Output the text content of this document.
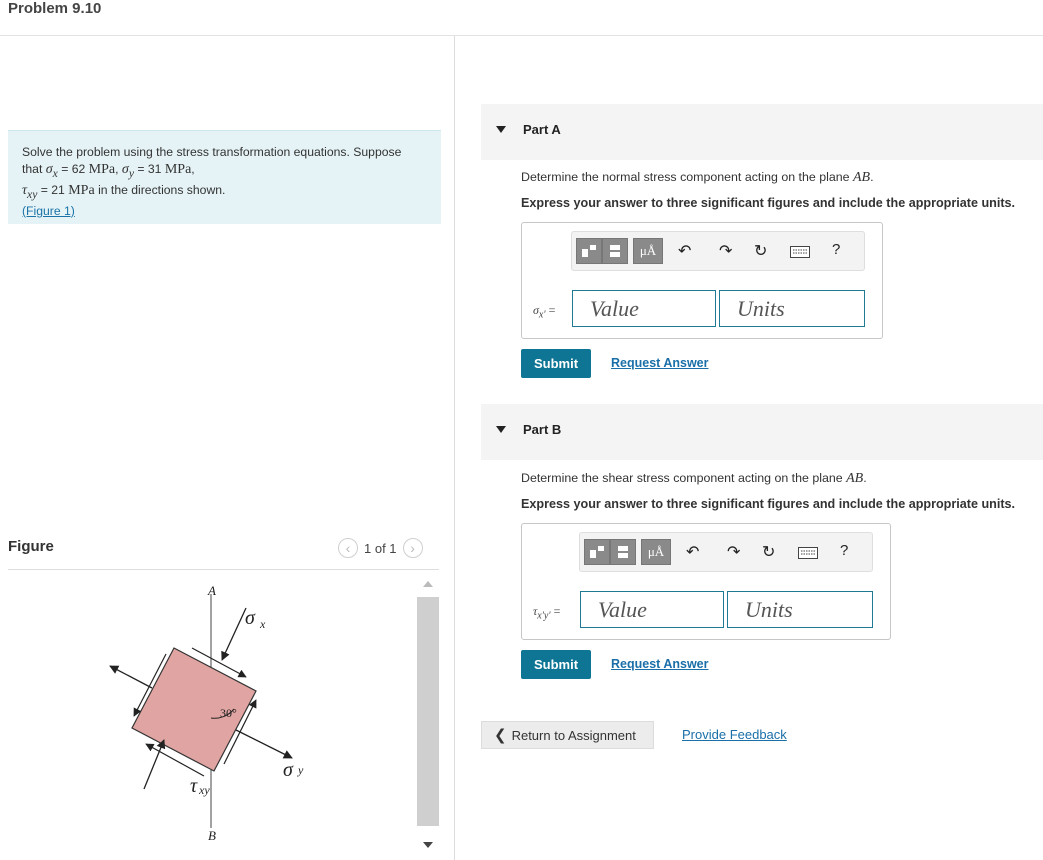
Problem 9.10
Solve the problem using the stress transformation equations. Suppose
that $\sigma_x = 62$ MPa, $\sigma_y = 31$ MPa,
$\tau_{xy} = 21$ MPa in the directions shown.
(Figure 1)
Figure	‹	1 of 1 ›
A
B
σ x
σ y
τ xy
30°
Part A
Determine the normal stress component acting on the plane AB.
Express your answer to three significant figures and include the appropriate units.
μÅ	↶ ↷ ↻	?
$\sigma_{x'}$ =	Value	Units
Submit	Request Answer
Part B
Determine the shear stress component acting on the plane AB.
Express your answer to three significant figures and include the appropriate units.
μÅ	↶ ↷ ↻	?
$\tau_{x'y'}$ =	Value	Units
Submit	Request Answer
❮ Return to Assignment	Provide Feedback
